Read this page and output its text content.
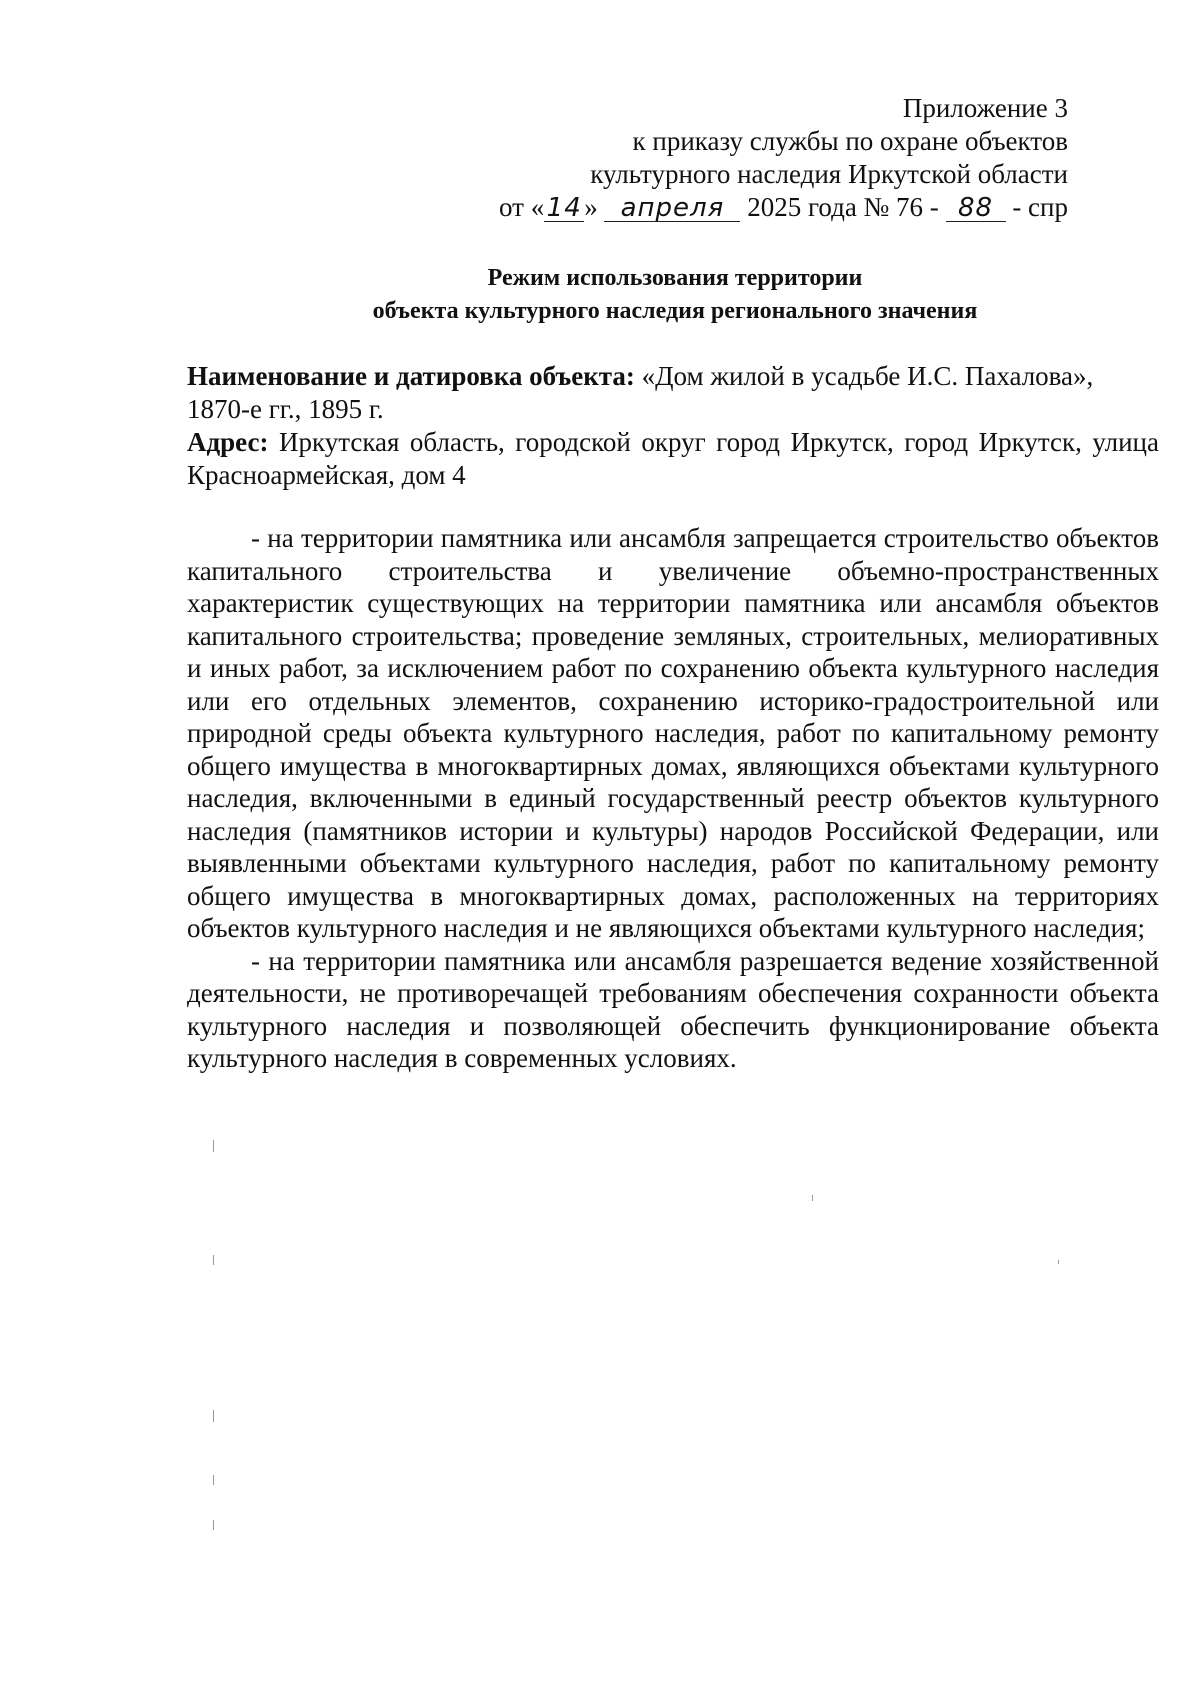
Приложение 3
к приказу службы по охране объектов
культурного наследия Иркутской области
от «14» апреля 2025 года № 76 - 88 - спр
Режим использования территории
объекта культурного наследия регионального значения

Наименование и датировка объекта: «Дом жилой в усадьбе И.С. Пахалова», 1870-е гг., 1895 г.

Адрес: Иркутская область, городской округ город Иркутск, город Иркутск, улица Красноармейская, дом 4

- на территории памятника или ансамбля запрещается строительство объектов капитального строительства и увеличение объемно-пространственных характеристик существующих на территории памятника или ансамбля объектов капитального строительства; проведение земляных, строительных, мелиоративных и иных работ, за исключением работ по сохранению объекта культурного наследия или его отдельных элементов, сохранению историко-градостроительной или природной среды объекта культурного наследия, работ по капитальному ремонту общего имущества в многоквартирных домах, являющихся объектами культурного наследия, включенными в единый государственный реестр объектов культурного наследия (памятников истории и культуры) народов Российской Федерации, или выявленными объектами культурного наследия, работ по капитальному ремонту общего имущества в многоквартирных домах, расположенных на территориях объектов культурного наследия и не являющихся объектами культурного наследия;

- на территории памятника или ансамбля разрешается ведение хозяйственной деятельности, не противоречащей требованиям обеспечения сохранности объекта культурного наследия и позволяющей обеспечить функционирование объекта культурного наследия в современных условиях.
